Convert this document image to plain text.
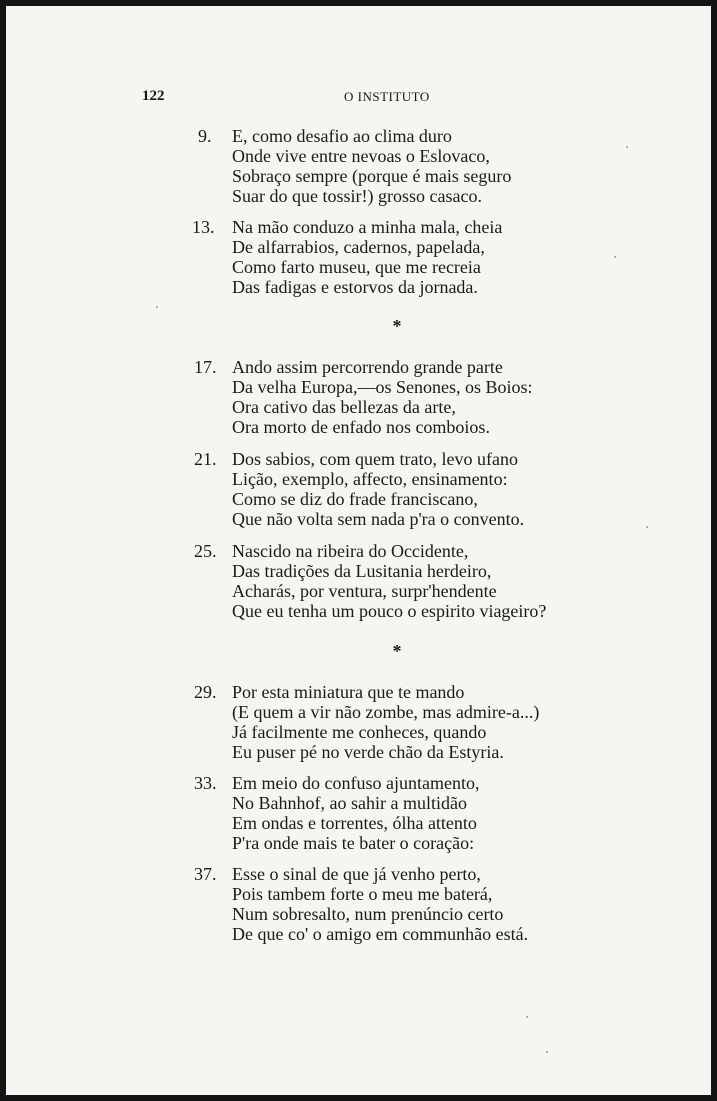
122	O INSTITUTO
9. E, como desafio ao clima duro
Onde vive entre nevoas o Eslovaco,
Sobraço sempre (porque é mais seguro
Suar do que tossir!) grosso casaco.
13. Na mão conduzo a minha mala, cheia
De alfarrabios, cadernos, papelada,
Como farto museu, que me recreia
Das fadigas e estorvos da jornada.
*
17. Ando assim percorrendo grande parte
Da velha Europa,—os Senones, os Boios:
Ora cativo das bellezas da arte,
Ora morto de enfado nos comboios.
21. Dos sabios, com quem trato, levo ufano
Lição, exemplo, affecto, ensinamento:
Como se diz do frade franciscano,
Que não volta sem nada p'ra o convento.
25. Nascido na ribeira do Occidente,
Das tradições da Lusitania herdeiro,
Acharás, por ventura, surpr'hendente
Que eu tenha um pouco o espirito viageiro?
*
29. Por esta miniatura que te mando
(E quem a vir não zombe, mas admire-a...)
Já facilmente me conheces, quando
Eu puser pé no verde chão da Estyria.
33. Em meio do confuso ajuntamento,
No Bahnhof, ao sahir a multidão
Em ondas e torrentes, ólha attento
P'ra onde mais te bater o coração:
37. Esse o sinal de que já venho perto,
Pois tambem forte o meu me baterá,
Num sobresalto, num prenúncio certo
De que co' o amigo em communhão está.
